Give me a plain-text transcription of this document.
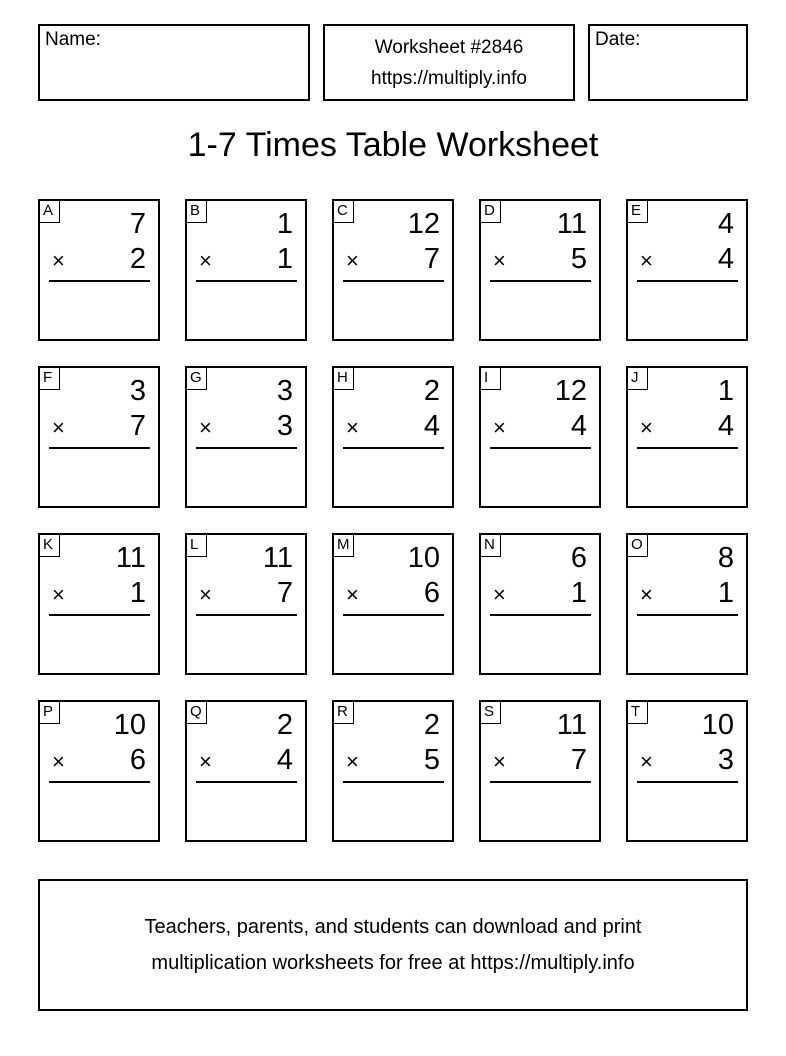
Name:	Worksheet #2846
https://multiply.info
Date:
1-7 Times Table Worksheet
A	7
× 2
B	1
× 1
C 12
× 7
D 11
× 5
E	4
× 4
F	3
× 7
G	3
× 3
H	2
× 4
I	12
× 4
J	1
× 4
K 11
× 1
L 11
× 7
M 10
× 6
N	6
× 1
O	8
× 1
P 10
× 6
Q	2
× 4
R	2
× 5
S 11
× 7
T 10
× 3
Teachers, parents, and students can download and print
multiplication worksheets for free at https://multiply.info
